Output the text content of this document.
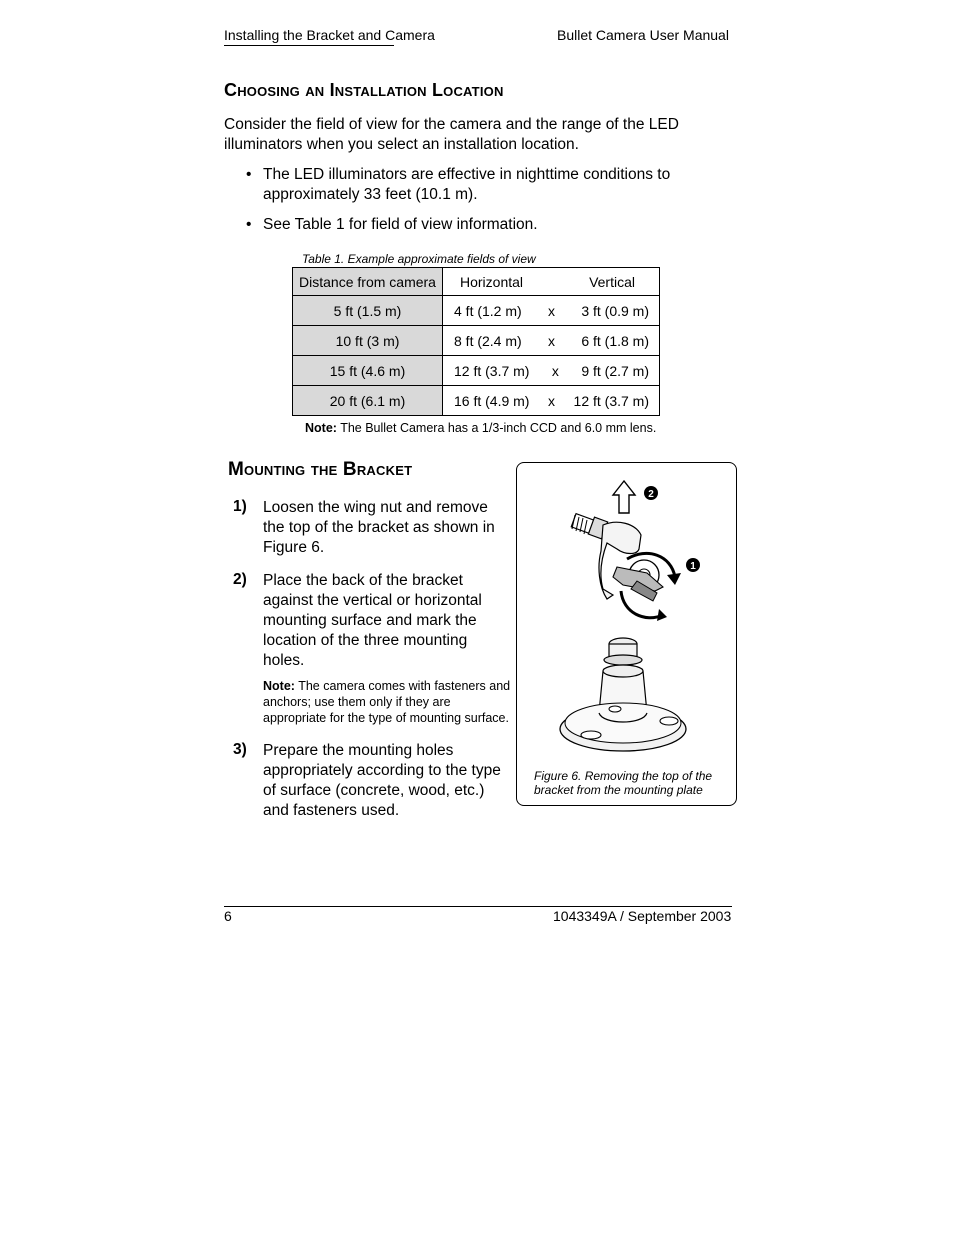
Installing the Bracket and Camera	Bullet Camera User Manual
Choosing an Installation Location
Consider the field of view for the camera and the range of the LED illuminators when you select an installation location.
• The LED illuminators are effective in nighttime conditions to approximately 33 feet (10.1 m).
• See Table 1 for field of view information.
Table 1. Example approximate fields of view
Distance from camera	Horizontal Vertical

5 ft (1.5 m)	4 ft (1.2 m) x 3 ft (0.9 m)

10 ft (3 m)	8 ft (2.4 m) x 6 ft (1.8 m)

15 ft (4.6 m)	12 ft (3.7 m) x 9 ft (2.7 m)

20 ft (6.1 m)	16 ft (4.9 m) x 12 ft (3.7 m)
Note: The Bullet Camera has a 1/3-inch CCD and 6.0 mm lens.
Mounting the Bracket
1) Loosen the wing nut and remove the top of the bracket as shown in Figure 6.
2) Place the back of the bracket against the vertical or horizontal mounting surface and mark the location of the three mounting holes.
Note: The camera comes with fasteners and anchors; use them only if they are appropriate for the type of mounting surface.
3) Prepare the mounting holes appropriately according to the type of surface (concrete, wood, etc.) and fasteners used.
2
1
Figure 6. Removing the top of the bracket from the mounting plate
6	1043349A / September 2003
